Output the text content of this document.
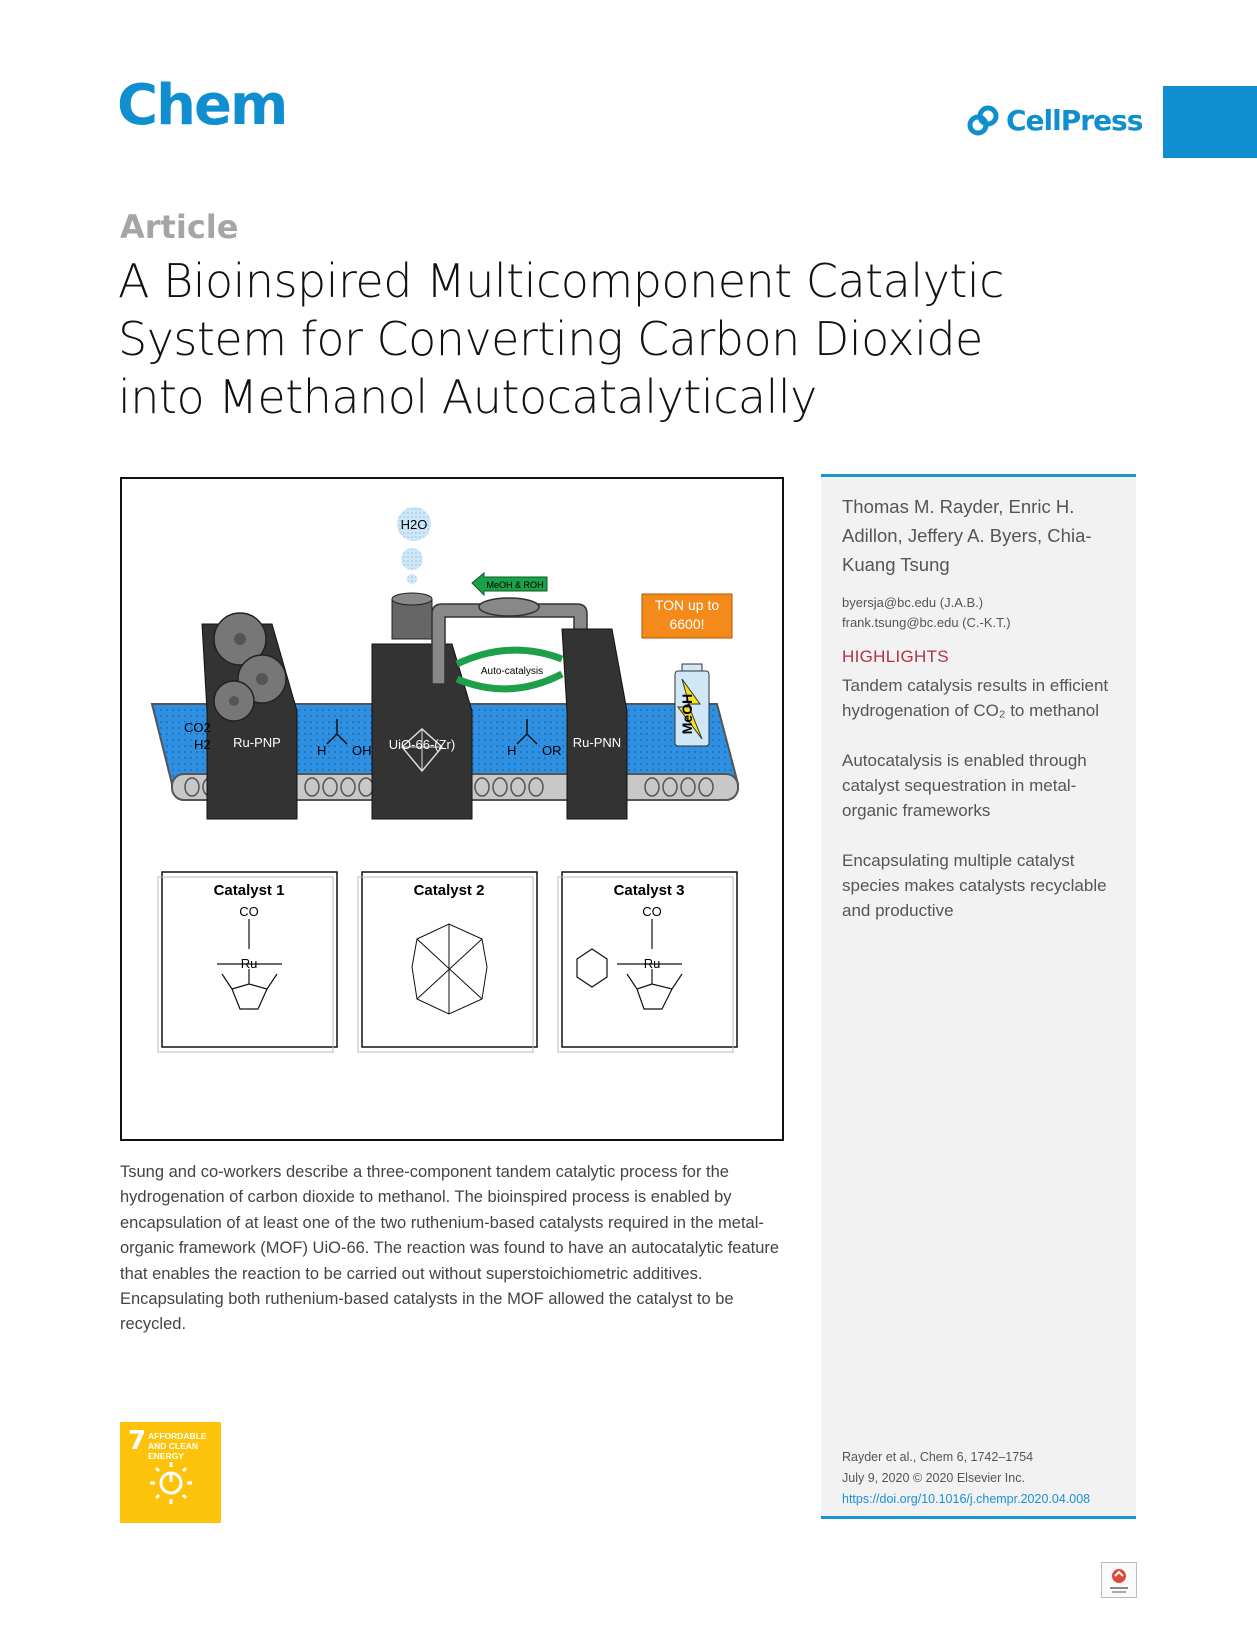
Chem	CellPress
Article
A Bioinspired Multicomponent Catalytic System for Converting Carbon Dioxide into Methanol Autocatalytically
H2O
MeOH & ROH
Auto-catalysis
TON up to 6600!
MeOH
CO2
H2 Ru-PNP
H OH UiO-66-(Zr)	H OR
Ru-PNN
Catalyst 1
CO
Ru
Catalyst 2	Catalyst 3
CO
Ru
Tsung and co-workers describe a three-component tandem catalytic process for the hydrogenation of carbon dioxide to methanol. The bioinspired process is enabled by encapsulation of at least one of the two ruthenium-based catalysts required in the metal-organic framework (MOF) UiO-66. The reaction was found to have an autocatalytic feature that enables the reaction to be carried out without superstoichiometric additives. Encapsulating both ruthenium-based catalysts in the MOF allowed the catalyst to be recycled.
7 AFFORDABLE AND CLEAN ENERGY
Thomas M. Rayder, Enric H. Adillon, Jeffery A. Byers, Chia-Kuang Tsung
byersja@bc.edu (J.A.B.)
frank.tsung@bc.edu (C.-K.T.)
HIGHLIGHTS
Tandem catalysis results in efficient hydrogenation of CO₂ to methanol
Autocatalysis is enabled through catalyst sequestration in metal-organic frameworks
Encapsulating multiple catalyst species makes catalysts recyclable and productive
Rayder et al., Chem 6, 1742–1754
July 9, 2020 © 2020 Elsevier Inc.
https://doi.org/10.1016/j.chempr.2020.04.008
